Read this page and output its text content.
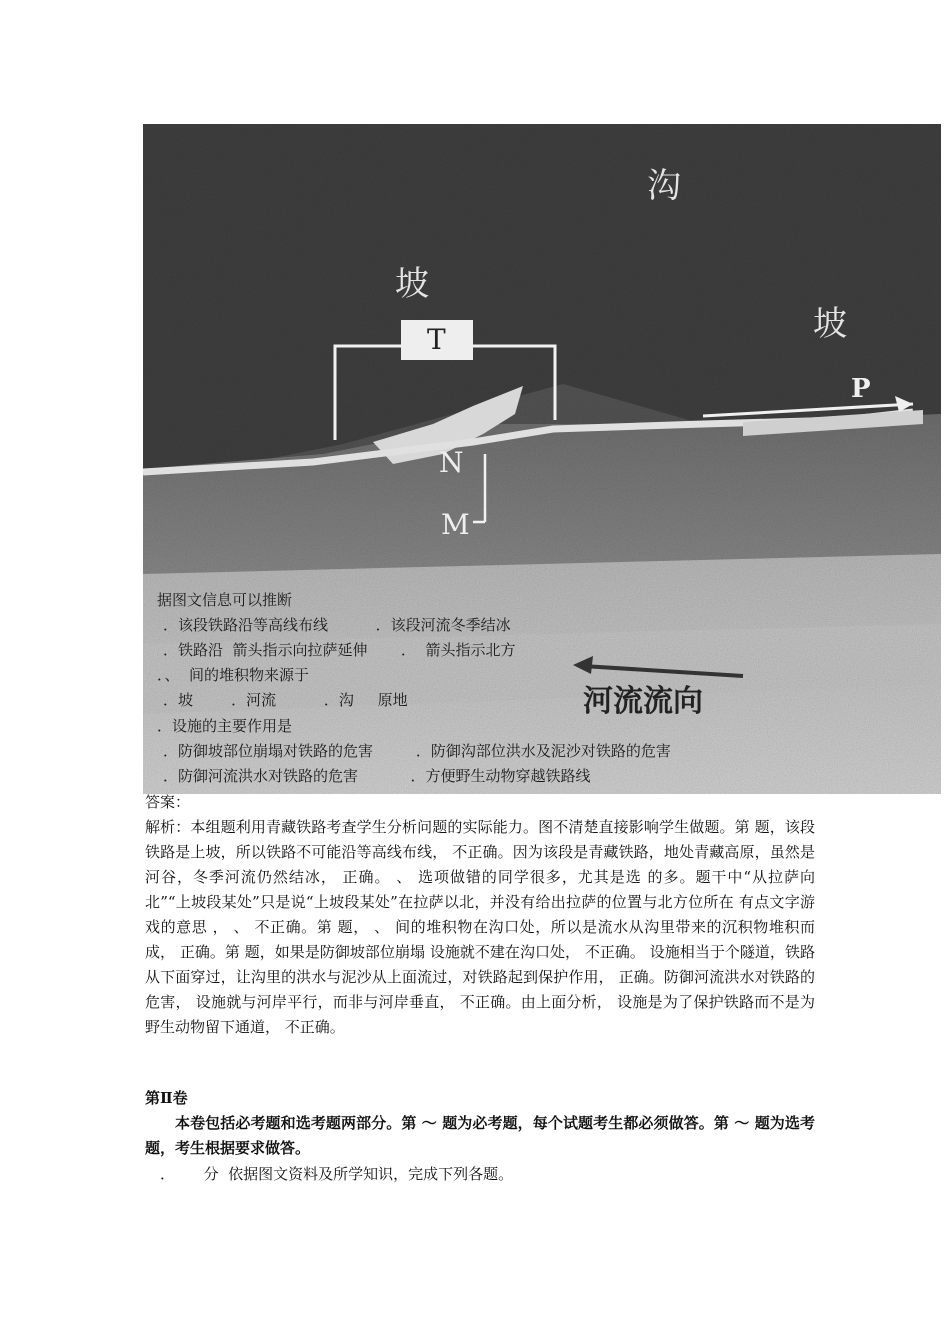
沟
坡
坡
T
P
N
M
河流流向
据图文信息可以推断
．该段铁路沿等高线布线          ．该段河流冬季结冰
．铁路沿  箭头指示向拉萨延伸       ．  箭头指示北方
．、  间的堆积物来源于
．坡        ．河流          ．沟     原地
．设施的主要作用是
．防御坡部位崩塌对铁路的危害         ．防御沟部位洪水及泥沙对铁路的危害
．防御河流洪水对铁路的危害           ．方便野生动物穿越铁路线
答案：

解析：本组题利用青藏铁路考查学生分析问题的实际能力。图不清楚直接影响学生做题。第 题，该段铁路是上坡，所以铁路不可能沿等高线布线， 不正确。因为该段是青藏铁路，地处青藏高原，虽然是河谷，冬季河流仍然结冰， 正确。 、 选项做错的同学很多，尤其是选 的多。题干中“从拉萨向北”“上坡段某处”只是说“上坡段某处”在拉萨以北，并没有给出拉萨的位置与北方位所在 有点文字游戏的意思 ， 、 不正确。第 题， 、 间的堆积物在沟口处，所以是流水从沟里带来的沉积物堆积而成， 正确。第 题，如果是防御坡部位崩塌 设施就不建在沟口处， 不正确。 设施相当于个隧道，铁路从下面穿过，让沟里的洪水与泥沙从上面流过，对铁路起到保护作用， 正确。防御河流洪水对铁路的危害， 设施就与河岸平行，而非与河岸垂直， 不正确。由上面分析， 设施是为了保护铁路而不是为野生动物留下通道， 不正确。

第Ⅱ卷

本卷包括必考题和选考题两部分。第 ～ 题为必考题，每个试题考生都必须做答。第 ～ 题为选考题，考生根据要求做答。

．      分  依据图文资料及所学知识，完成下列各题。
